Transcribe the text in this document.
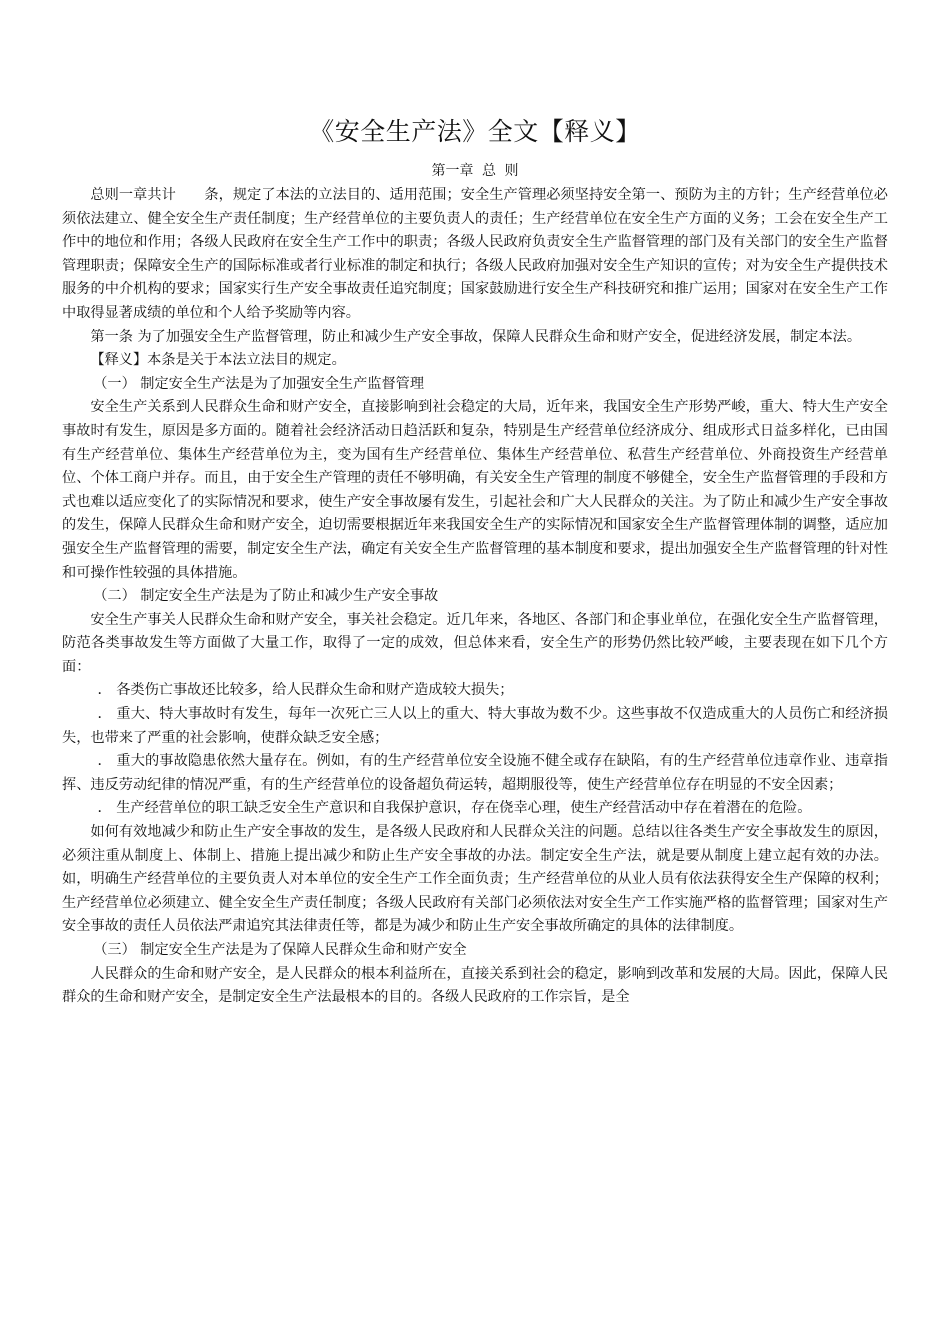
《安全生产法》全文【释义】
第一章 总 则

总则一章共计　　条，规定了本法的立法目的、适用范围；安全生产管理必须坚持安全第一、预防为主的方针；生产经营单位必须依法建立、健全安全生产责任制度；生产经营单位的主要负责人的责任；生产经营单位在安全生产方面的义务；工会在安全生产工作中的地位和作用；各级人民政府在安全生产工作中的职责；各级人民政府负责安全生产监督管理的部门及有关部门的安全生产监督管理职责；保障安全生产的国际标准或者行业标准的制定和执行；各级人民政府加强对安全生产知识的宣传；对为安全生产提供技术服务的中介机构的要求；国家实行生产安全事故责任追究制度；国家鼓励进行安全生产科技研究和推广运用；国家对在安全生产工作中取得显著成绩的单位和个人给予奖励等内容。

第一条 为了加强安全生产监督管理，防止和减少生产安全事故，保障人民群众生命和财产安全，促进经济发展，制定本法。

【释义】本条是关于本法立法目的规定。

（一） 制定安全生产法是为了加强安全生产监督管理

安全生产关系到人民群众生命和财产安全，直接影响到社会稳定的大局，近年来，我国安全生产形势严峻，重大、特大生产安全事故时有发生，原因是多方面的。随着社会经济活动日趋活跃和复杂，特别是生产经营单位经济成分、组成形式日益多样化，已由国有生产经营单位、集体生产经营单位为主，变为国有生产经营单位、集体生产经营单位、私营生产经营单位、外商投资生产经营单位、个体工商户并存。而且，由于安全生产管理的责任不够明确，有关安全生产管理的制度不够健全，安全生产监督管理的手段和方式也难以适应变化了的实际情况和要求，使生产安全事故屡有发生，引起社会和广大人民群众的关注。为了防止和减少生产安全事故的发生，保障人民群众生命和财产安全，迫切需要根据近年来我国安全生产的实际情况和国家安全生产监督管理体制的调整，适应加强安全生产监督管理的需要，制定安全生产法，确定有关安全生产监督管理的基本制度和要求，提出加强安全生产监督管理的针对性和可操作性较强的具体措施。

（二） 制定安全生产法是为了防止和减少生产安全事故

安全生产事关人民群众生命和财产安全，事关社会稳定。近几年来，各地区、各部门和企事业单位，在强化安全生产监督管理，防范各类事故发生等方面做了大量工作，取得了一定的成效，但总体来看，安全生产的形势仍然比较严峻，主要表现在如下几个方面：

． 各类伤亡事故还比较多，给人民群众生命和财产造成较大损失；

． 重大、特大事故时有发生，每年一次死亡三人以上的重大、特大事故为数不少。这些事故不仅造成重大的人员伤亡和经济损失，也带来了严重的社会影响，使群众缺乏安全感；

． 重大的事故隐患依然大量存在。例如，有的生产经营单位安全设施不健全或存在缺陷，有的生产经营单位违章作业、违章指挥、违反劳动纪律的情况严重，有的生产经营单位的设备超负荷运转，超期服役等，使生产经营单位存在明显的不安全因素；

． 生产经营单位的职工缺乏安全生产意识和自我保护意识，存在侥幸心理，使生产经营活动中存在着潜在的危险。

如何有效地减少和防止生产安全事故的发生，是各级人民政府和人民群众关注的问题。总结以往各类生产安全事故发生的原因，必须注重从制度上、体制上、措施上提出减少和防止生产安全事故的办法。制定安全生产法，就是要从制度上建立起有效的办法。如，明确生产经营单位的主要负责人对本单位的安全生产工作全面负责；生产经营单位的从业人员有依法获得安全生产保障的权利；生产经营单位必须建立、健全安全生产责任制度；各级人民政府有关部门必须依法对安全生产工作实施严格的监督管理；国家对生产安全事故的责任人员依法严肃追究其法律责任等，都是为减少和防止生产安全事故所确定的具体的法律制度。

（三） 制定安全生产法是为了保障人民群众生命和财产安全

人民群众的生命和财产安全，是人民群众的根本利益所在，直接关系到社会的稳定，影响到改革和发展的大局。因此，保障人民群众的生命和财产安全，是制定安全生产法最根本的目的。各级人民政府的工作宗旨，是全
